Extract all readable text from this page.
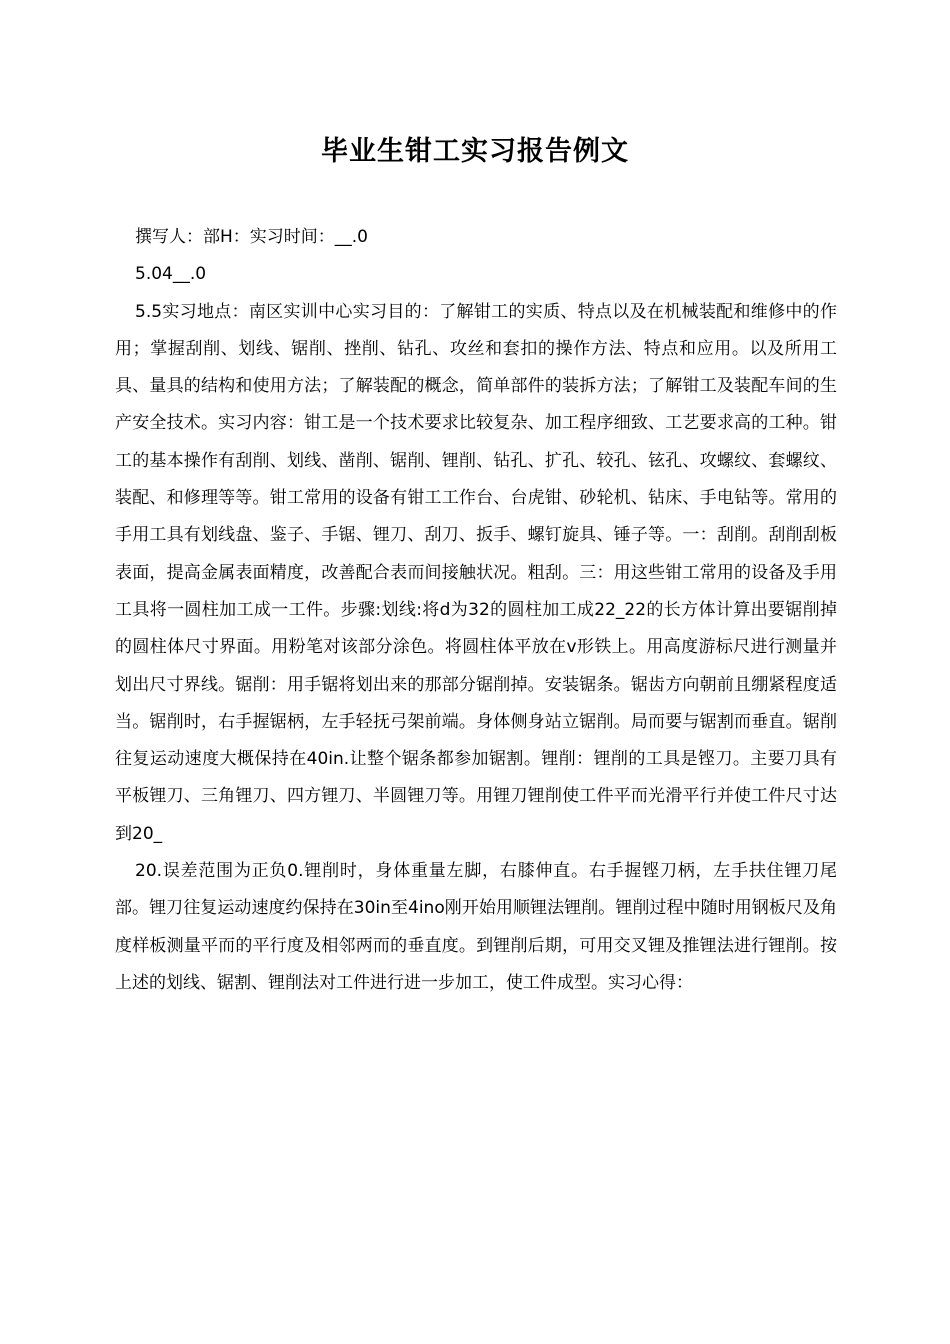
毕业生钳工实习报告例文

撰写人：部H：实习时间：__.0

5.04__.0

5.5实习地点：南区实训中心实习目的：了解钳工的实质、特点以及在机械装配和维修中的作用；掌握刮削、划线、锯削、挫削、钻孔、攻丝和套扣的操作方法、特点和应用。以及所用工具、量具的结构和使用方法；了解装配的概念，简单部件的装拆方法；了解钳工及装配车间的生产安全技术。实习内容：钳工是一个技术要求比较复杂、加工程序细致、工艺要求高的工种。钳工的基本操作有刮削、划线、凿削、锯削、锂削、钻孔、扩孔、较孔、铉孔、攻螺纹、套螺纹、装配、和修理等等。钳工常用的设备有钳工工作台、台虎钳、砂轮机、钻床、手电钻等。常用的手用工具有划线盘、鉴子、手锯、锂刀、刮刀、扳手、螺钉旋具、锤子等。一：刮削。刮削刮板表面，提高金属表面精度，改善配合表而间接触状况。粗刮。三：用这些钳工常用的设备及手用工具将一圆柱加工成一工件。步骤:划线:将d为32的圆柱加工成22_22的长方体计算出要锯削掉的圆柱体尺寸界面。用粉笔对该部分涂色。将圆柱体平放在v形铁上。用高度游标尺进行测量并划出尺寸界线。锯削：用手锯将划出来的那部分锯削掉。安装锯条。锯齿方向朝前且绷紧程度适当。锯削时，右手握锯柄，左手轻抚弓架前端。身体侧身站立锯削。局而要与锯割而垂直。锯削往复运动速度大概保持在40in.让整个锯条都参加锯割。锂削：锂削的工具是铿刀。主要刀具有平板锂刀、三角锂刀、四方锂刀、半圆锂刀等。用锂刀锂削使工件平而光滑平行并使工件尺寸达到20_

20.误差范围为正负0.锂削时，身体重量左脚，右膝伸直。右手握铿刀柄，左手扶住锂刀尾部。锂刀往复运动速度约保持在30in至4ino刚开始用顺锂法锂削。锂削过程中随时用钢板尺及角度样板测量平而的平行度及相邻两而的垂直度。到锂削后期，可用交叉锂及推锂法进行锂削。按上述的划线、锯割、锂削法对工件进行进一步加工，使工件成型。实习心得：
